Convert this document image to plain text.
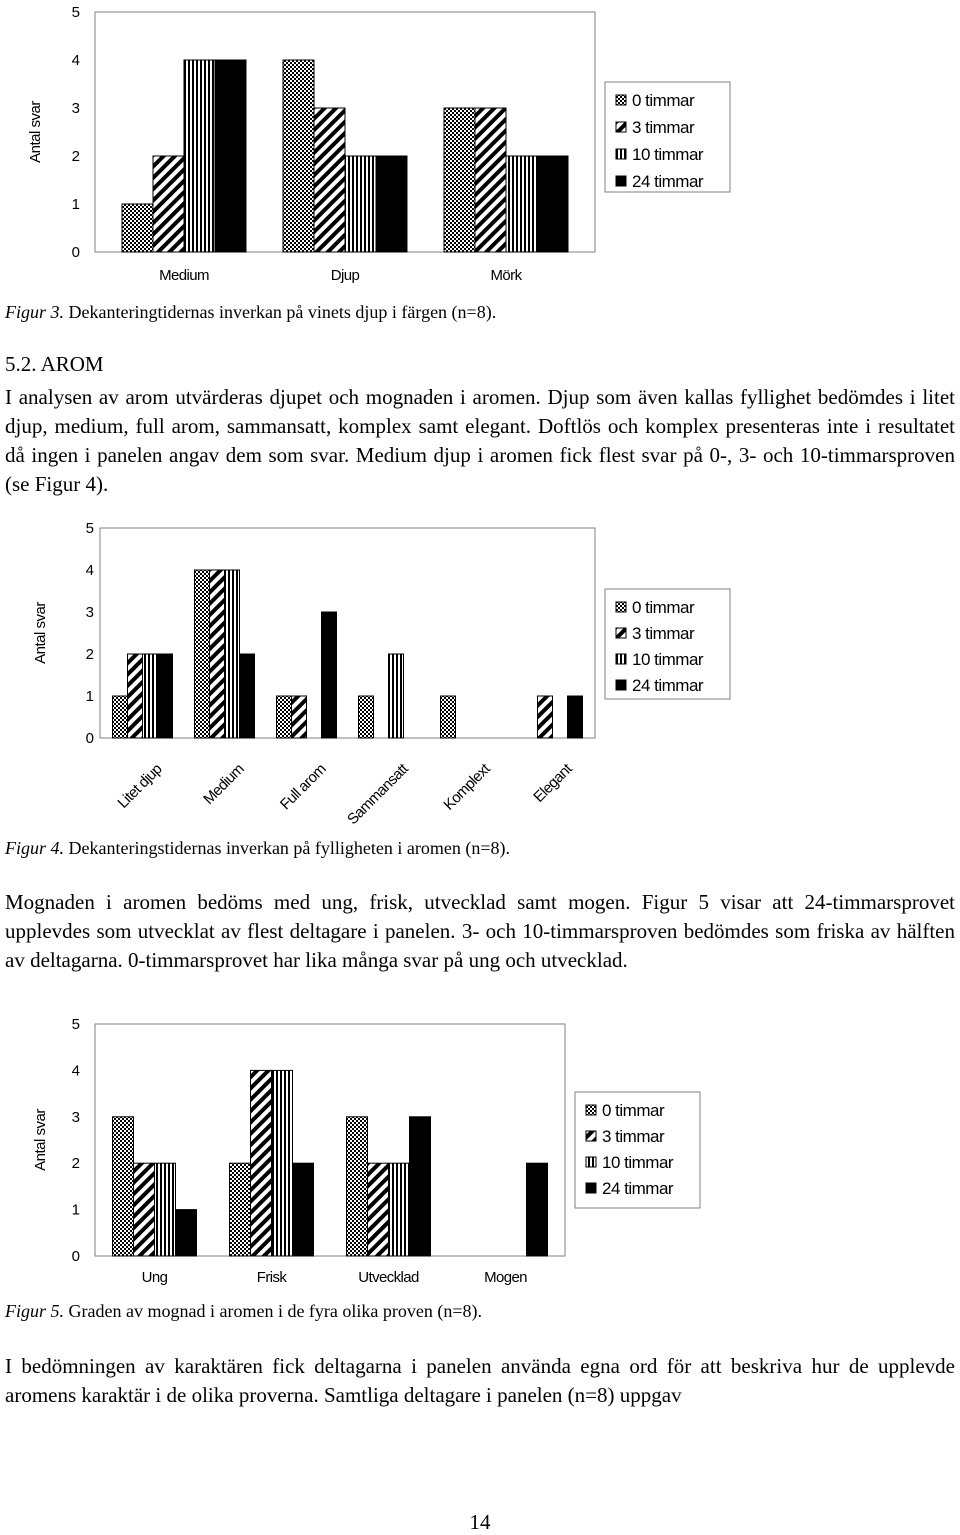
0
1
2
3
4
5
Antal svar
Medium	Djup	Mörk
0 timmar
3 timmar
10 timmar
24 timmar
Figur 3. Dekanteringtidernas inverkan på vinets djup i färgen (n=8).
5.2. AROM
I analysen av arom utvärderas djupet och mognaden i aromen. Djup som även kallas fyllighet bedömdes i litet djup, medium, full arom, sammansatt, komplex samt elegant. Doftlös och komplex presenteras inte i resultatet då ingen i panelen angav dem som svar. Medium djup i aromen fick flest svar på 0-, 3- och 10-timmarsproven (se Figur 4).
0
1
2
3
4
5
Antal svar
Litet djup Medium Full arom Sammansatt Komplext Elegant
0 timmar
3 timmar
10 timmar
24 timmar
Figur 4. Dekanteringstidernas inverkan på fylligheten i aromen (n=8).
Mognaden i aromen bedöms med ung, frisk, utvecklad samt mogen. Figur 5 visar att 24-timmarsprovet upplevdes som utvecklat av flest deltagare i panelen. 3- och 10-timmarsproven bedömdes som friska av hälften av deltagarna. 0-timmarsprovet har lika många svar på ung och utvecklad.
0
1
2
3
4
5
Antal svar
Ung	Frisk	Utvecklad	Mogen
0 timmar
3 timmar
10 timmar
24 timmar
Figur 5. Graden av mognad i aromen i de fyra olika proven (n=8).
I bedömningen av karaktären fick deltagarna i panelen använda egna ord för att beskriva hur de upplevde aromens karaktär i de olika proverna. Samtliga deltagare i panelen (n=8) uppgav
14
